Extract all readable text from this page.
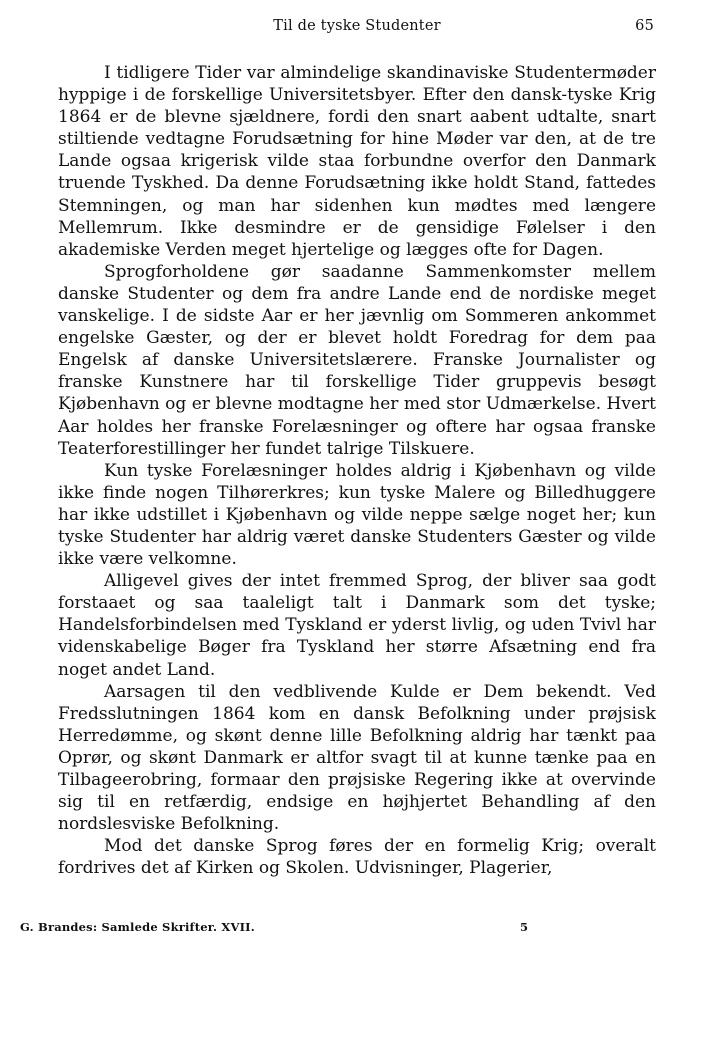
Til de tyske Studenter	65

I tidligere Tider var almindelige skandinaviske Studentermøder hyppige i de forskellige Universitetsbyer. Efter den dansk-tyske Krig 1864 er de blevne sjældnere, fordi den snart aabent udtalte, snart stiltiende vedtagne Forudsætning for hine Møder var den, at de tre Lande ogsaa krigerisk vilde staa forbundne overfor den Danmark truende Tyskhed. Da denne Forudsætning ikke holdt Stand, fattedes Stemningen, og man har sidenhen kun mødtes med længere Mellemrum. Ikke desmindre er de gensidige Følelser i den akademiske Verden meget hjertelige og lægges ofte for Dagen.

Sprogforholdene gør saadanne Sammenkomster mellem danske Studenter og dem fra andre Lande end de nordiske meget vanskelige. I de sidste Aar er her jævnlig om Sommeren ankommet engelske Gæster, og der er blevet holdt Foredrag for dem paa Engelsk af danske Universitetslærere. Franske Journalister og franske Kunstnere har til forskellige Tider gruppevis besøgt Kjøbenhavn og er blevne modtagne her med stor Udmærkelse. Hvert Aar holdes her franske Forelæsninger og oftere har ogsaa franske Teaterforestillinger her fundet talrige Tilskuere.

Kun tyske Forelæsninger holdes aldrig i Kjøbenhavn og vilde ikke finde nogen Tilhørerkres; kun tyske Malere og Billedhuggere har ikke udstillet i Kjøbenhavn og vilde neppe sælge noget her; kun tyske Studenter har aldrig været danske Studenters Gæster og vilde ikke være velkomne.

Alligevel gives der intet fremmed Sprog, der bliver saa godt forstaaet og saa taaleligt talt i Danmark som det tyske; Handelsforbindelsen med Tyskland er yderst livlig, og uden Tvivl har videnskabelige Bøger fra Tyskland her større Afsætning end fra noget andet Land.

Aarsagen til den vedblivende Kulde er Dem bekendt. Ved Fredsslutningen 1864 kom en dansk Befolkning under prøjsisk Herredømme, og skønt denne lille Befolkning aldrig har tænkt paa Oprør, og skønt Danmark er altfor svagt til at kunne tænke paa en Tilbageerobring, formaar den prøjsiske Regering ikke at overvinde sig til en retfærdig, endsige en højhjertet Behandling af den nordslesviske Befolkning.

Mod det danske Sprog føres der en formelig Krig; overalt fordrives det af Kirken og Skolen. Udvisninger, Plagerier,

G. Brandes: Samlede Skrifter. XVII.	5
